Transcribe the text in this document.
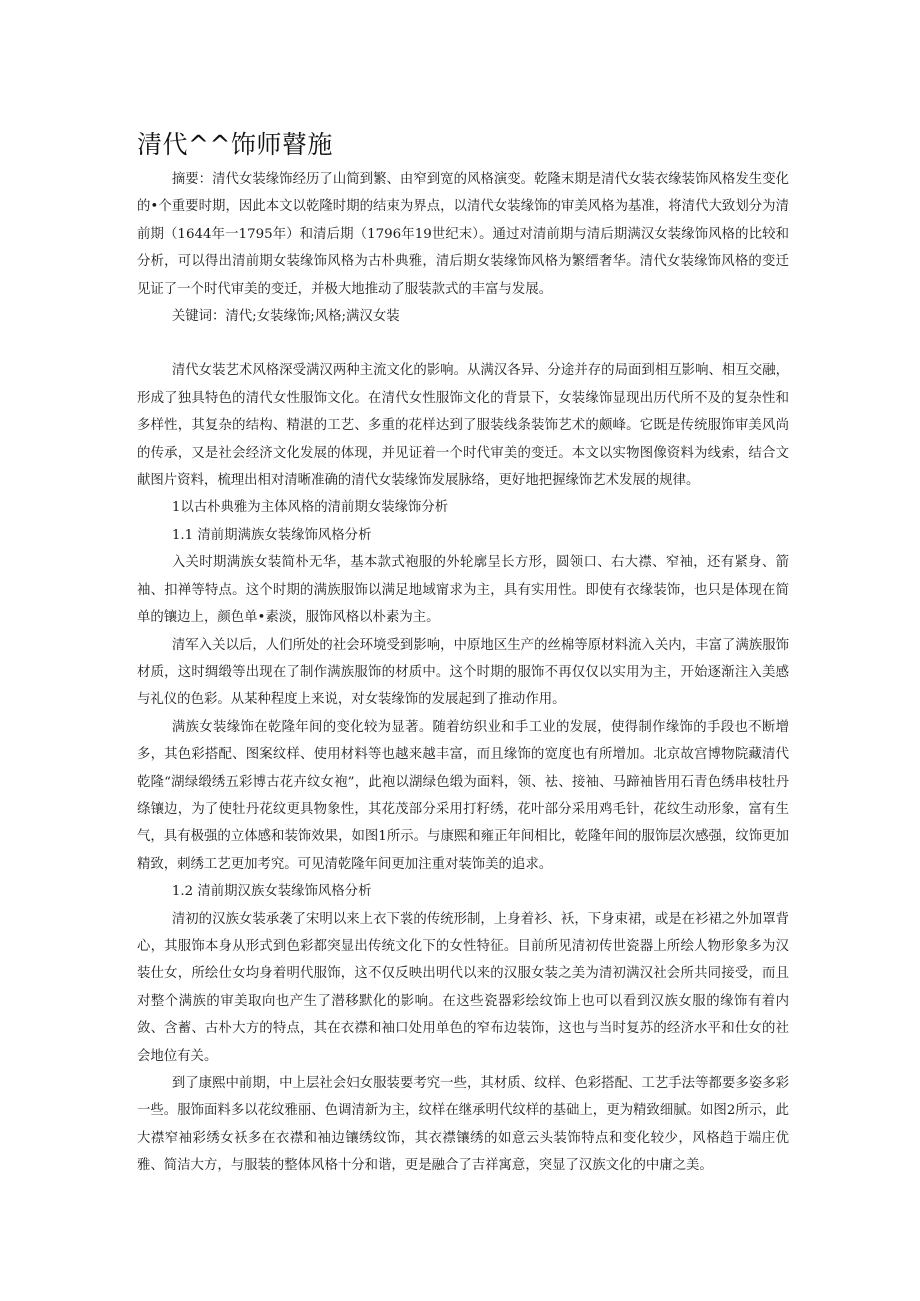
清代^^饰师瞽施

摘要：清代女装缘饰经历了山简到繁、由窄到宽的风格演变。乾隆末期是清代女装衣缘装饰风格发生变化的•个重要时期，因此本文以乾隆时期的结束为界点，以清代女装缘饰的审美风格为基准，将清代大致划分为清前期（1644年一1795年）和清后期（1796年19世纪末）。通过对清前期与清后期满汉女装缘饰风格的比较和分析，可以得出清前期女装缘饰风格为古朴典雅，清后期女装缘饰风格为繁缙奢华。清代女装缘饰风格的变迁见证了一个时代审美的变迁，并极大地推动了服装款式的丰富与发展。

关键词：清代;女装缘饰;风格;满汉女装

清代女装艺术风格深受满汉两种主流文化的影响。从满汉各异、分途并存的局面到相互影响、相互交融，形成了独具特色的清代女性服饰文化。在清代女性服饰文化的背景下，女装缘饰显现出历代所不及的复杂性和多样性，其复杂的结构、精湛的工艺、多重的花样达到了服装线条装饰艺术的颇峰。它既是传统服饰审美风尚的传承，又是社会经济文化发展的体现，并见证着一个时代审美的变迁。本文以实物图像资料为线索，结合文献图片资料，梳理出相对清晰准确的清代女装缘饰发展脉络，更好地把握缘饰艺术发展的规律。

1以古朴典雅为主体风格的清前期女装缘饰分析

1.1 清前期满族女装缘饰风格分析

入关时期满族女装简朴无华，基本款式袍服的外轮廓呈长方形，圆领口、右大襟、窄袖，还有紧身、箭袖、扣禅等特点。这个时期的满族服饰以满足地域甯求为主，具有实用性。即使有衣缘装饰，也只是体现在简单的镶边上，颜色单•素淡，服饰风格以朴素为主。

清军入关以后，人们所处的社会环境受到影响，中原地区生产的丝棉等原材料流入关内，丰富了满族服饰材质，这时绸缎等出现在了制作满族服饰的材质中。这个时期的服饰不再仅仅以实用为主，开始逐渐注入美感与礼仪的色彩。从某种程度上来说，对女装缘饰的发展起到了推动作用。

满族女装缘饰在乾隆年间的变化较为显著。随着纺织业和手工业的发展，使得制作缘饰的手段也不断增多，其色彩搭配、图案纹样、使用材料等也越来越丰富，而且缘饰的宽度也有所增加。北京故宫博物院藏清代乾隆“湖绿缎绣五彩博古花卉纹女袍”，此袍以湖绿色缎为面料，领、袪、接袖、马蹄袖皆用石青色绣串枝牡丹绦镶边，为了使牡丹花纹更具物象性，其花茂部分采用打籽绣，花叶部分采用鸡毛针，花纹生动形象，富有生气，具有极强的立体感和装饰效果，如图1所示。与康熙和雍正年间相比，乾隆年间的服饰层次感强，纹饰更加精致，刺绣工艺更加考究。可见清乾隆年间更加注重对装饰美的追求。

1.2 清前期汉族女装缘饰风格分析

清初的汉族女装承袭了宋明以来上衣下裳的传统形制，上身着衫、袄，下身束裙，或是在衫裙之外加罩背心，其服饰本身从形式到色彩都突显出传统文化下的女性特征。目前所见清初传世瓷器上所绘人物形象多为汉装仕女，所绘仕女均身着明代服饰，这不仅反映出明代以来的汉服女装之美为清初满汉社会所共同接受，而且对整个满族的审美取向也产生了潜移默化的影响。在这些瓷器彩绘纹饰上也可以看到汉族女服的缘饰有着内敛、含蓄、古朴大方的特点，其在衣襟和袖口处用单色的窄布边装饰，这也与当时复苏的经济水平和仕女的社会地位有关。

到了康熙中前期，中上层社会妇女服装要考究一些，其材质、纹样、色彩搭配、工艺手法等都要多姿多彩一些。服饰面料多以花纹雅丽、色调清新为主，纹样在继承明代纹样的基础上，更为精致细腻。如图2所示，此大襟窄袖彩绣女袄多在衣襟和袖边镶绣纹饰，其衣襟镶绣的如意云头装饰特点和变化较少，风格趋于端庄优雅、简洁大方，与服装的整体风格十分和谐，更是融合了吉祥寓意，突显了汉族文化的中庸之美。
